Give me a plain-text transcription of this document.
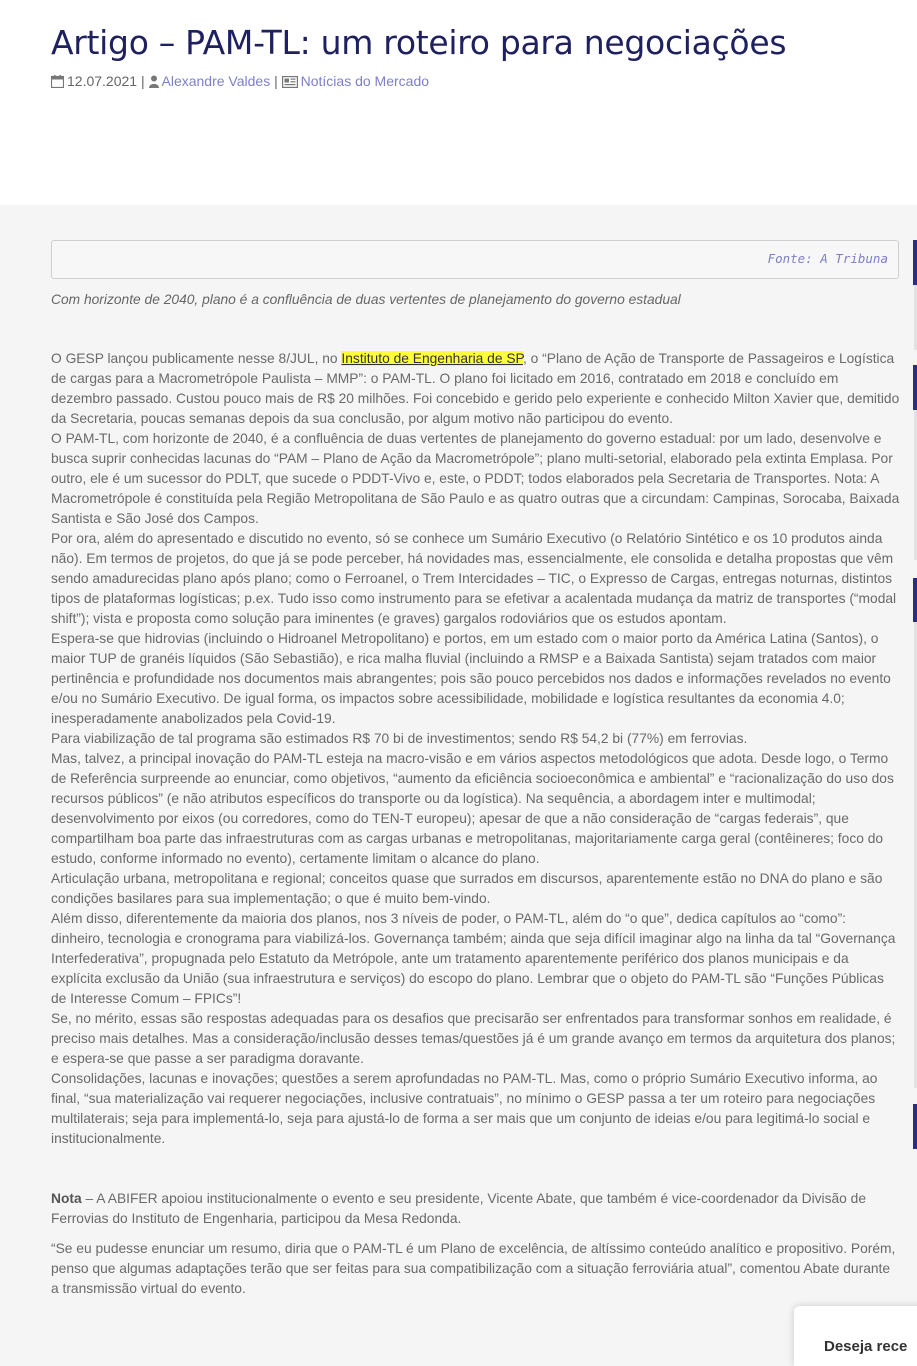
Artigo – PAM-TL: um roteiro para negociações
12.07.2021 | Alexandre Valdes | Notícias do Mercado
Fonte: A Tribuna
Com horizonte de 2040, plano é a confluência de duas vertentes de planejamento do governo estadual

O GESP lançou publicamente nesse 8/JUL, no Instituto de Engenharia de SP, o “Plano de Ação de Transporte de Passageiros e Logística de cargas para a Macrometrópole Paulista – MMP”: o PAM-TL. O plano foi licitado em 2016, contratado em 2018 e concluído em dezembro passado. Custou pouco mais de R$ 20 milhões. Foi concebido e gerido pelo experiente e conhecido Milton Xavier que, demitido da Secretaria, poucas semanas depois da sua conclusão, por algum motivo não participou do evento.

O PAM-TL, com horizonte de 2040, é a confluência de duas vertentes de planejamento do governo estadual: por um lado, desenvolve e busca suprir conhecidas lacunas do “PAM – Plano de Ação da Macrometrópole”; plano multi-setorial, elaborado pela extinta Emplasa. Por outro, ele é um sucessor do PDLT, que sucede o PDDT-Vivo e, este, o PDDT; todos elaborados pela Secretaria de Transportes. Nota: A Macrometrópole é constituída pela Região Metropolitana de São Paulo e as quatro outras que a circundam: Campinas, Sorocaba, Baixada Santista e São José dos Campos.

Por ora, além do apresentado e discutido no evento, só se conhece um Sumário Executivo (o Relatório Sintético e os 10 produtos ainda não). Em termos de projetos, do que já se pode perceber, há novidades mas, essencialmente, ele consolida e detalha propostas que vêm sendo amadurecidas plano após plano; como o Ferroanel, o Trem Intercidades – TIC, o Expresso de Cargas, entregas noturnas, distintos tipos de plataformas logísticas; p.ex. Tudo isso como instrumento para se efetivar a acalentada mudança da matriz de transportes (“modal shift”); vista e proposta como solução para iminentes (e graves) gargalos rodoviários que os estudos apontam.

Espera-se que hidrovias (incluindo o Hidroanel Metropolitano) e portos, em um estado com o maior porto da América Latina (Santos), o maior TUP de granéis líquidos (São Sebastião), e rica malha fluvial (incluindo a RMSP e a Baixada Santista) sejam tratados com maior pertinência e profundidade nos documentos mais abrangentes; pois são pouco percebidos nos dados e informações revelados no evento e/ou no Sumário Executivo. De igual forma, os impactos sobre acessibilidade, mobilidade e logística resultantes da economia 4.0; inesperadamente anabolizados pela Covid-19.

Para viabilização de tal programa são estimados R$ 70 bi de investimentos; sendo R$ 54,2 bi (77%) em ferrovias.

Mas, talvez, a principal inovação do PAM-TL esteja na macro-visão e em vários aspectos metodológicos que adota. Desde logo, o Termo de Referência surpreende ao enunciar, como objetivos, “aumento da eficiência socioeconômica e ambiental” e “racionalização do uso dos recursos públicos” (e não atributos específicos do transporte ou da logística). Na sequência, a abordagem inter e multimodal; desenvolvimento por eixos (ou corredores, como do TEN-T europeu); apesar de que a não consideração de “cargas federais”, que compartilham boa parte das infraestruturas com as cargas urbanas e metropolitanas, majoritariamente carga geral (contêineres; foco do estudo, conforme informado no evento), certamente limitam o alcance do plano.

Articulação urbana, metropolitana e regional; conceitos quase que surrados em discursos, aparentemente estão no DNA do plano e são condições basilares para sua implementação; o que é muito bem-vindo.

Além disso, diferentemente da maioria dos planos, nos 3 níveis de poder, o PAM-TL, além do “o que”, dedica capítulos ao “como”: dinheiro, tecnologia e cronograma para viabilizá-los. Governança também; ainda que seja difícil imaginar algo na linha da tal “Governança Interfederativa”, propugnada pelo Estatuto da Metrópole, ante um tratamento aparentemente periférico dos planos municipais e da explícita exclusão da União (sua infraestrutura e serviços) do escopo do plano. Lembrar que o objeto do PAM-TL são “Funções Públicas de Interesse Comum – FPICs”!

Se, no mérito, essas são respostas adequadas para os desafios que precisarão ser enfrentados para transformar sonhos em realidade, é preciso mais detalhes. Mas a consideração/inclusão desses temas/questões já é um grande avanço em termos da arquitetura dos planos; e espera-se que passe a ser paradigma doravante.

Consolidações, lacunas e inovações; questões a serem aprofundadas no PAM-TL. Mas, como o próprio Sumário Executivo informa, ao final, “sua materialização vai requerer negociações, inclusive contratuais”, no mínimo o GESP passa a ter um roteiro para negociações multilaterais; seja para implementá-lo, seja para ajustá-lo de forma a ser mais que um conjunto de ideias e/ou para legitimá-lo social e institucionalmente.

Nota – A ABIFER apoiou institucionalmente o evento e seu presidente, Vicente Abate, que também é vice-coordenador da Divisão de Ferrovias do Instituto de Engenharia, participou da Mesa Redonda.

“Se eu pudesse enunciar um resumo, diria que o PAM-TL é um Plano de excelência, de altíssimo conteúdo analítico e propositivo. Porém, penso que algumas adaptações terão que ser feitas para sua compatibilização com a situação ferroviária atual”, comentou Abate durante a transmissão virtual do evento.

Deseja rece
